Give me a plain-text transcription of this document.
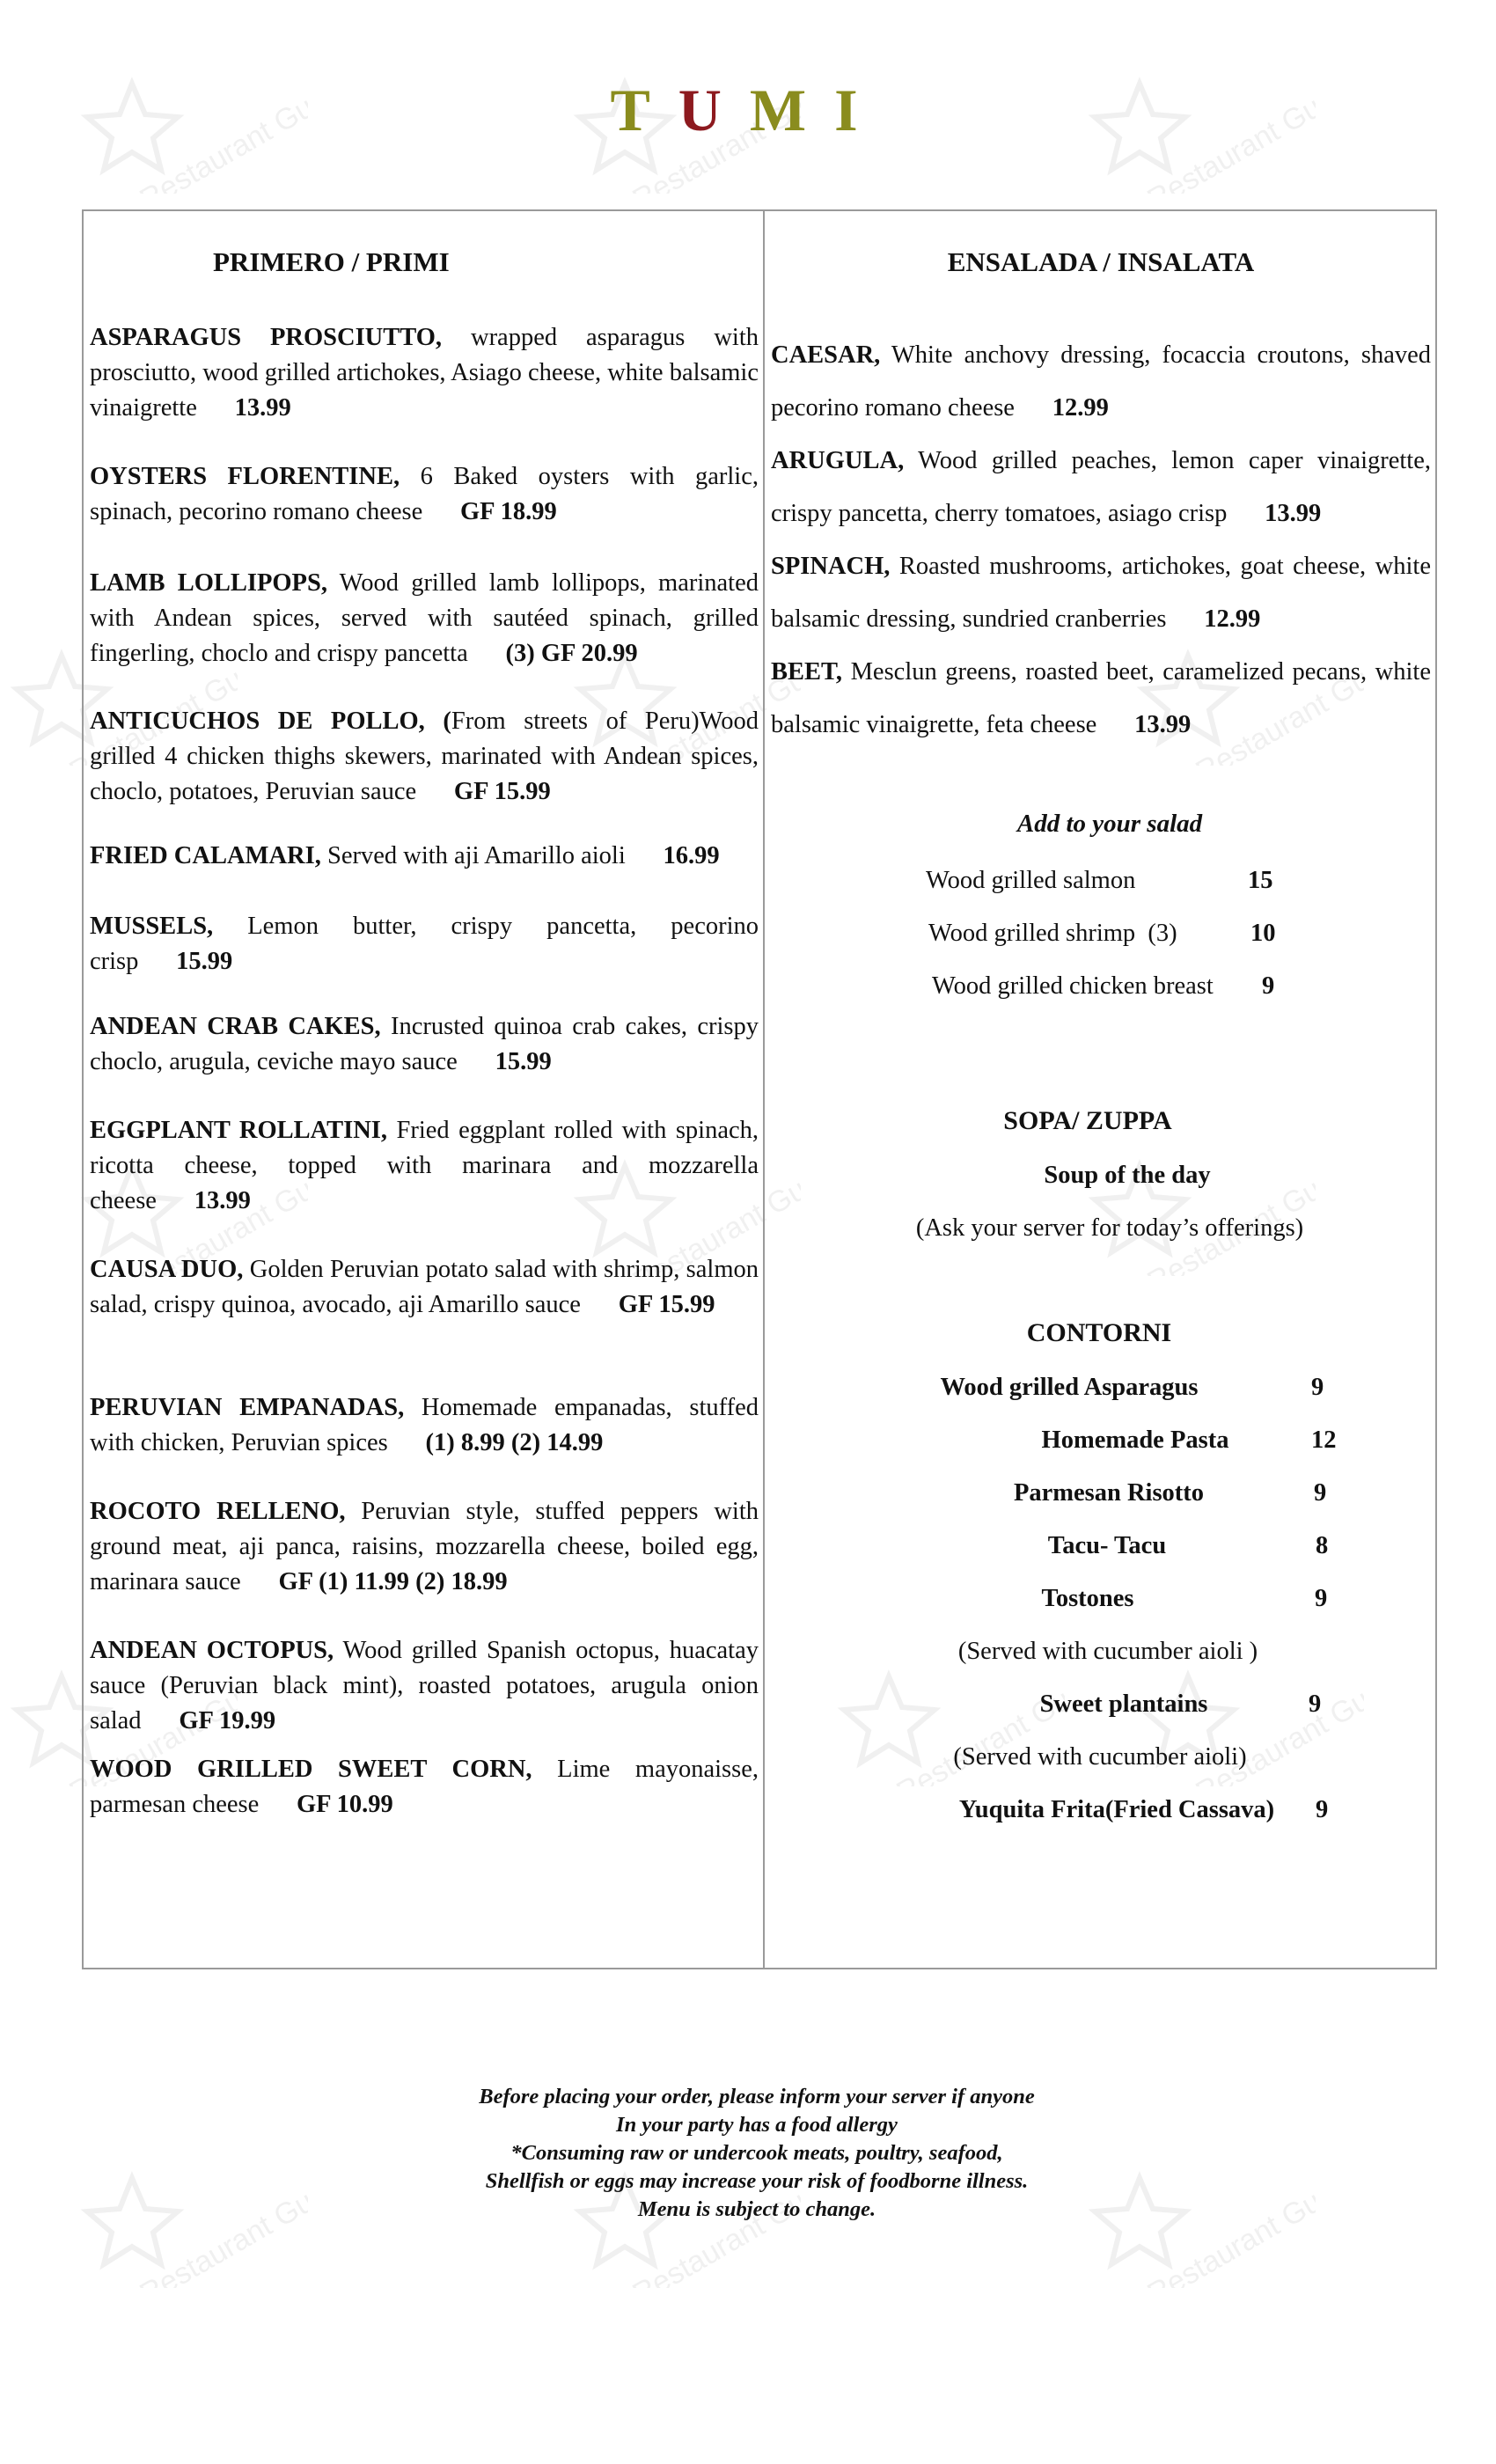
Restaurant Guru
Restaurant Guru
Restaurant Guru
Restaurant Guru
Restaurant Guru
Restaurant Guru
Restaurant Guru
Restaurant Guru
Restaurant Guru
Restaurant Guru
Restaurant Guru
Restaurant Guru
Restaurant Guru
Restaurant Guru
Restaurant Guru
TUMI
PRIMERO / PRIMI
ASPARAGUS PROSCIUTTO, wrapped asparagus with prosciutto, wood grilled artichokes, Asiago cheese, white balsamic vinaigrette 13.99
OYSTERS FLORENTINE, 6 Baked oysters with garlic, spinach, pecorino romano cheese GF 18.99
LAMB LOLLIPOPS, Wood grilled lamb lollipops, marinated with Andean spices, served with sautéed spinach, grilled fingerling, choclo and crispy pancetta (3) GF 20.99
ANTICUCHOS DE POLLO, (From streets of Peru)Wood grilled 4 chicken thighs skewers, marinated with Andean spices, choclo, potatoes, Peruvian sauce GF 15.99
FRIED CALAMARI, Served with aji Amarillo aioli 16.99
MUSSELS, Lemon butter, crispy pancetta, pecorino crisp 15.99
ANDEAN CRAB CAKES, Incrusted quinoa crab cakes, crispy choclo, arugula, ceviche mayo sauce 15.99
EGGPLANT ROLLATINI, Fried eggplant rolled with spinach, ricotta cheese, topped with marinara and mozzarella cheese 13.99
CAUSA DUO, Golden Peruvian potato salad with shrimp, salmon salad, crispy quinoa, avocado, aji Amarillo sauce GF 15.99
PERUVIAN EMPANADAS, Homemade empanadas, stuffed with chicken, Peruvian spices (1) 8.99 (2) 14.99
ROCOTO RELLENO, Peruvian style, stuffed peppers with ground meat, aji panca, raisins, mozzarella cheese, boiled egg, marinara sauce GF (1) 11.99 (2) 18.99
ANDEAN OCTOPUS, Wood grilled Spanish octopus, huacatay sauce (Peruvian black mint), roasted potatoes, arugula onion salad GF 19.99
WOOD GRILLED SWEET CORN, Lime mayonaisse, parmesan cheese GF 10.99
ENSALADA / INSALATA
CAESAR, White anchovy dressing, focaccia croutons, shaved pecorino romano cheese 12.99
ARUGULA, Wood grilled peaches, lemon caper vinaigrette, crispy pancetta, cherry tomatoes, asiago crisp 13.99
SPINACH, Roasted mushrooms, artichokes, goat cheese, white balsamic dressing, sundried cranberries 12.99
BEET, Mesclun greens, roasted beet, caramelized pecans, white balsamic vinaigrette, feta cheese 13.99
Add to your salad
Wood grilled salmon	15
Wood grilled shrimp  (3)	10
Wood grilled chicken breast 9
SOPA/ ZUPPA
Soup of the day
(Ask your server for today’s offerings)
CONTORNI
Wood grilled Asparagus	9
Homemade Pasta	12
Parmesan Risotto	9
Tacu- Tacu	8
Tostones	9
Sweet plantains	9
Yuquita Frita(Fried Cassava)	9
(Served with cucumber aioli )
(Served with cucumber aioli)
Before placing your order, please inform your server if anyone
In your party has a food allergy
*Consuming raw or undercook meats, poultry, seafood,
Shellfish or eggs may increase your risk of foodborne illness.
Menu is subject to change.
